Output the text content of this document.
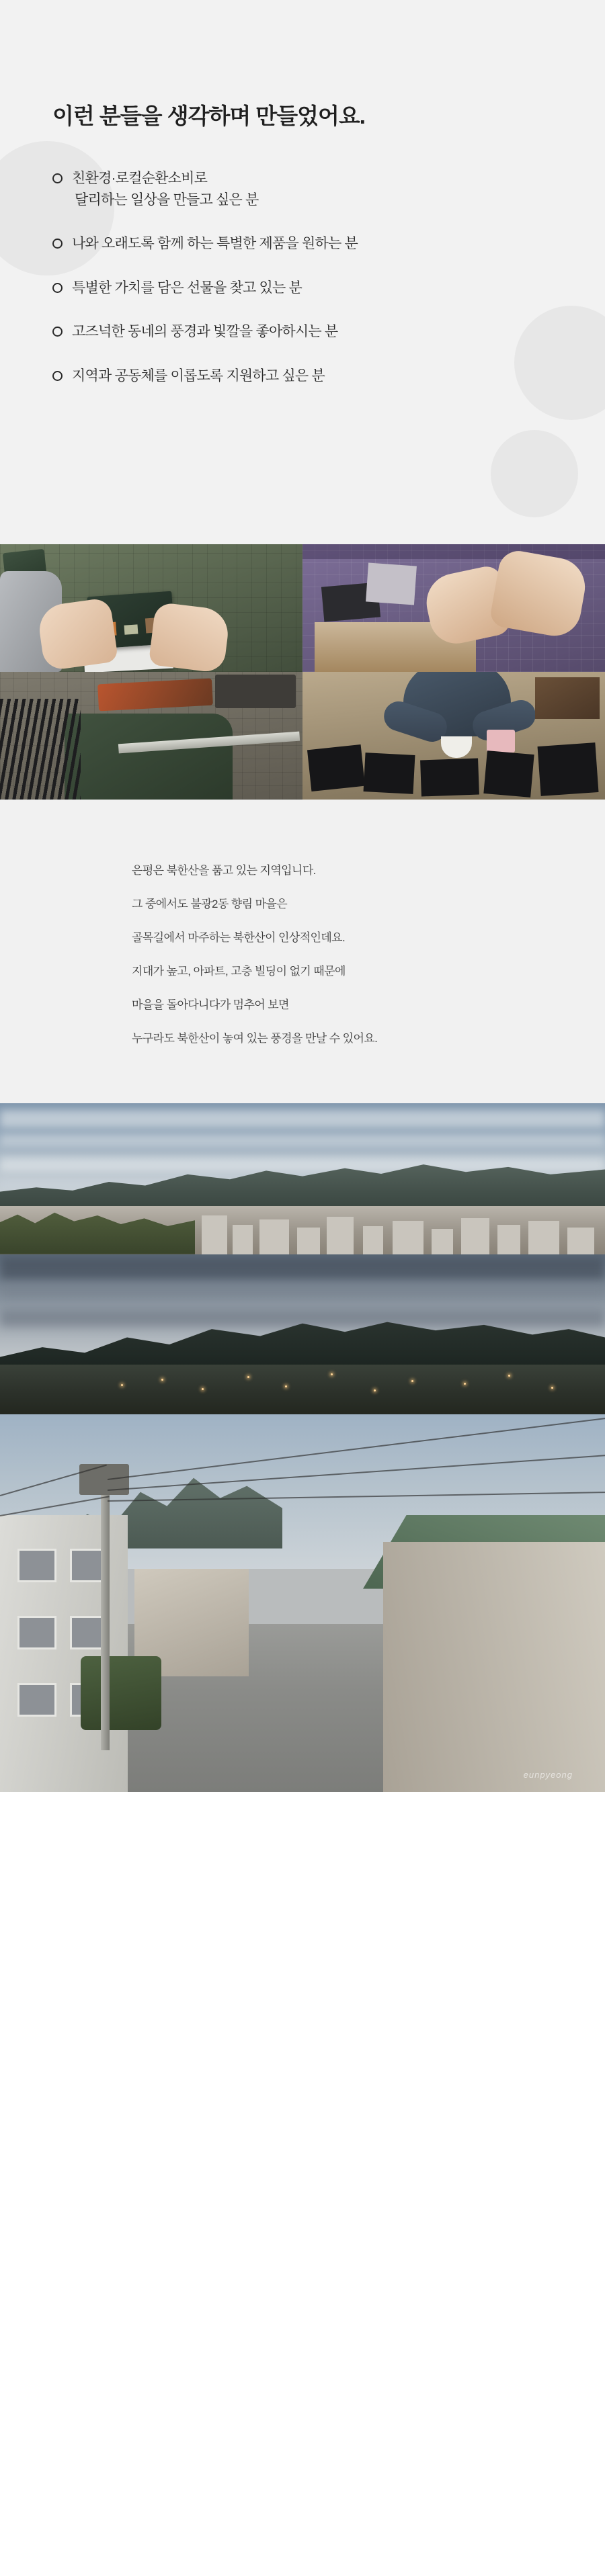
이런 분들을 생각하며 만들었어요.
친환경·로컬순환소비로
달리하는 일상을 만들고 싶은 분
나와 오래도록 함께 하는 특별한 제품을 원하는 분
특별한 가치를 담은 선물을 찾고 있는 분
고즈넉한 동네의 풍경과 빛깔을 좋아하시는 분
지역과 공동체를 이롭도록 지원하고 싶은 분

은평은 북한산을 품고 있는 지역입니다.

그 중에서도 불광2동 향림 마을은

골목길에서 마주하는 북한산이 인상적인데요.

지대가 높고, 아파트, 고층 빌딩이 없기 때문에

마을을 돌아다니다가 멈추어 보면

누구라도 북한산이 놓여 있는 풍경을 만날 수 있어요.

eunpyeong
